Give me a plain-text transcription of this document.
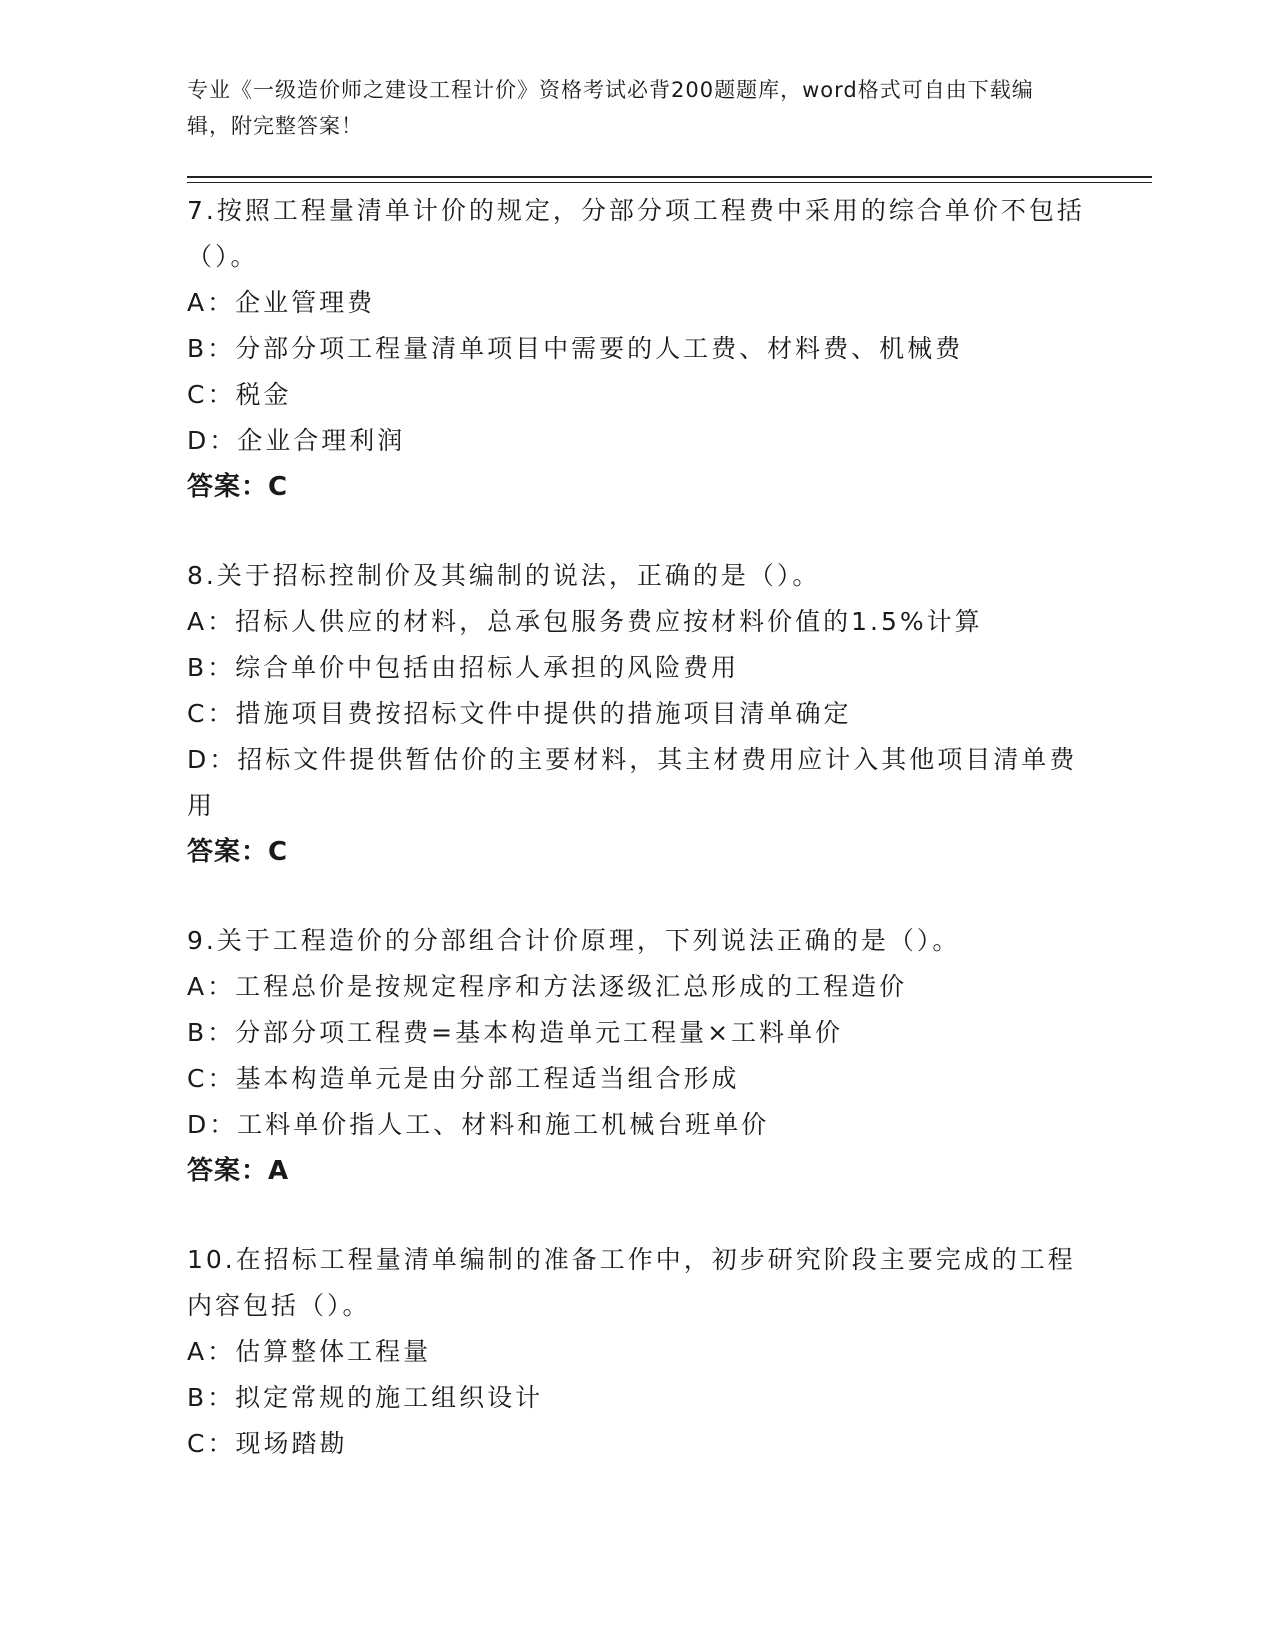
专业《一级造价师之建设工程计价》资格考试必背200题题库，word格式可自由下载编辑，附完整答案！

7.按照工程量清单计价的规定，分部分项工程费中采用的综合单价不包括（）。

A：企业管理费

B：分部分项工程量清单项目中需要的人工费、材料费、机械费

C：税金

D：企业合理利润

答案：C

8.关于招标控制价及其编制的说法，正确的是（）。

A：招标人供应的材料，总承包服务费应按材料价值的1.5%计算

B：综合单价中包括由招标人承担的风险费用

C：措施项目费按招标文件中提供的措施项目清单确定

D：招标文件提供暂估价的主要材料，其主材费用应计入其他项目清单费用

答案：C

9.关于工程造价的分部组合计价原理，下列说法正确的是（）。

A：工程总价是按规定程序和方法逐级汇总形成的工程造价

B：分部分项工程费=基本构造单元工程量×工料单价

C：基本构造单元是由分部工程适当组合形成

D：工料单价指人工、材料和施工机械台班单价

答案：A

10.在招标工程量清单编制的准备工作中，初步研究阶段主要完成的工程内容包括（）。

A：估算整体工程量

B：拟定常规的施工组织设计

C：现场踏勘
